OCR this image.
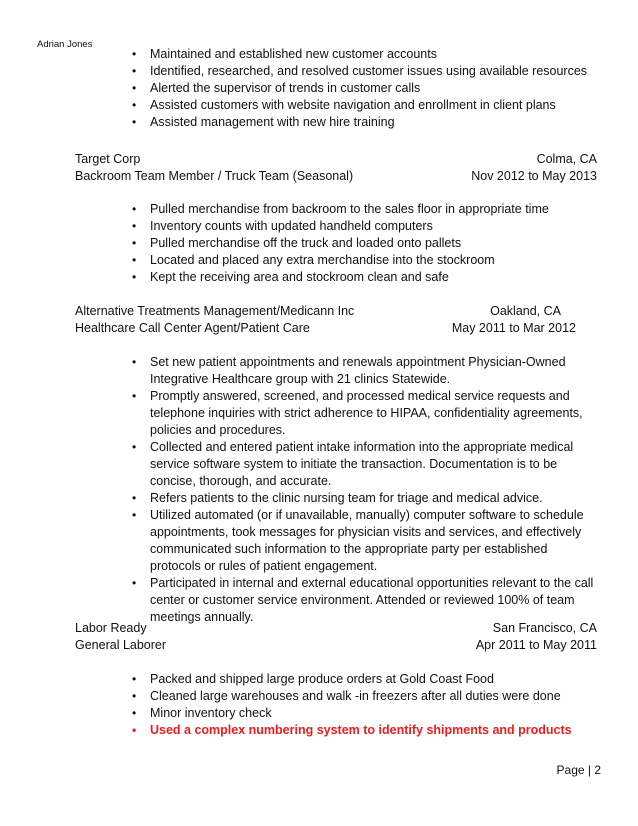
Adrian Jones
• Maintained and established new customer accounts
• Identified, researched, and resolved customer issues using available resources
• Alerted the supervisor of trends in customer calls
• Assisted customers with website navigation and enrollment in client plans
• Assisted management with new hire training
Target Corp	Colma, CA
Backroom Team Member / Truck Team (Seasonal)	Nov 2012 to May 2013
• Pulled merchandise from backroom to the sales floor in appropriate time
• Inventory counts with updated handheld computers
• Pulled merchandise off the truck and loaded onto pallets
• Located and placed any extra merchandise into the stockroom
• Kept the receiving area and stockroom clean and safe
Alternative Treatments Management/Medicann Inc	Oakland, CA
Healthcare Call Center Agent/Patient Care	May 2011 to Mar 2012
• Set new patient appointments and renewals appointment Physician-Owned Integrative Healthcare group with 21 clinics Statewide.
• Promptly answered, screened, and processed medical service requests and telephone inquiries with strict adherence to HIPAA, confidentiality agreements, policies and procedures.
• Collected and entered patient intake information into the appropriate medical service software system to initiate the transaction. Documentation is to be concise, thorough, and accurate.
• Refers patients to the clinic nursing team for triage and medical advice.
• Utilized automated (or if unavailable, manually) computer software to schedule appointments, took messages for physician visits and services, and effectively communicated such information to the appropriate party per established protocols or rules of patient engagement.
• Participated in internal and external educational opportunities relevant to the call center or customer service environment. Attended or reviewed 100% of team meetings annually.
Labor Ready	San Francisco, CA
General Laborer	Apr 2011 to May 2011
• Packed and shipped large produce orders at Gold Coast Food
• Cleaned large warehouses and walk -in freezers after all duties were done
• Minor inventory check
• Used a complex numbering system to identify shipments and products
Page | 2
